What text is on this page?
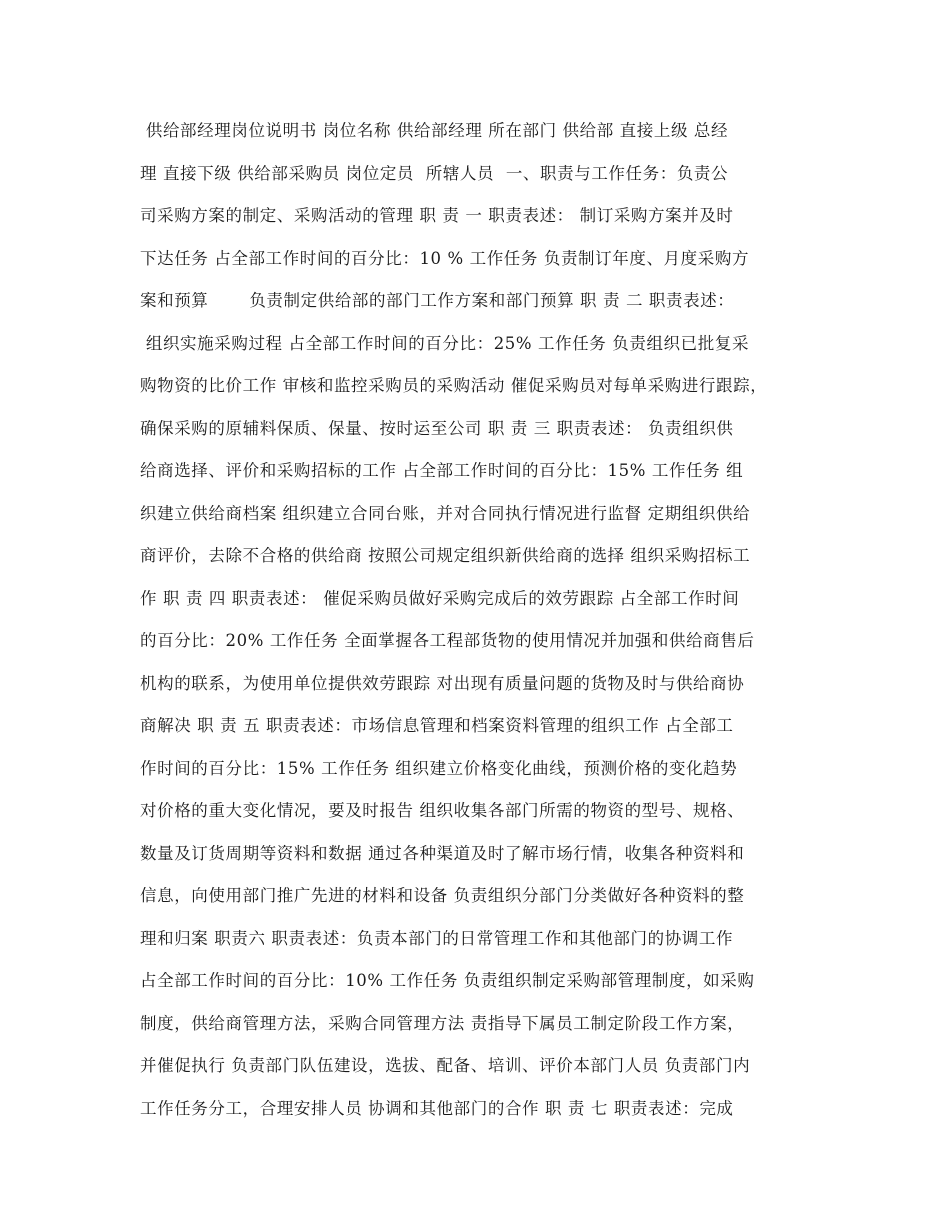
供给部经理岗位说明书 岗位名称 供给部经理 所在部门 供给部 直接上级 总经
理 直接下级 供给部采购员 岗位定员  所辖人员  一、职责与工作任务：负责公
司采购方案的制定、采购活动的管理 职 责 一 职责表述： 制订采购方案并及时
下达任务 占全部工作时间的百分比：10 % 工作任务 负责制订年度、月度采购方
案和预算       负责制定供给部的部门工作方案和部门预算 职 责 二 职责表述：
组织实施采购过程 占全部工作时间的百分比：25% 工作任务 负责组织已批复采
购物资的比价工作 审核和监控采购员的采购活动 催促采购员对每单采购进行跟踪，
确保采购的原辅料保质、保量、按时运至公司 职 责 三 职责表述： 负责组织供
给商选择、评价和采购招标的工作 占全部工作时间的百分比：15% 工作任务 组
织建立供给商档案 组织建立合同台账，并对合同执行情况进行监督 定期组织供给
商评价，去除不合格的供给商 按照公司规定组织新供给商的选择 组织采购招标工
作 职 责 四 职责表述： 催促采购员做好采购完成后的效劳跟踪 占全部工作时间
的百分比：20% 工作任务 全面掌握各工程部货物的使用情况并加强和供给商售后
机构的联系，为使用单位提供效劳跟踪 对出现有质量问题的货物及时与供给商协
商解决 职 责 五 职责表述：市场信息管理和档案资料管理的组织工作 占全部工
作时间的百分比：15% 工作任务 组织建立价格变化曲线，预测价格的变化趋势
对价格的重大变化情况，要及时报告 组织收集各部门所需的物资的型号、规格、
数量及订货周期等资料和数据 通过各种渠道及时了解市场行情，收集各种资料和
信息，向使用部门推广先进的材料和设备 负责组织分部门分类做好各种资料的整
理和归案 职责六 职责表述：负责本部门的日常管理工作和其他部门的协调工作
占全部工作时间的百分比：10% 工作任务 负责组织制定采购部管理制度，如采购
制度，供给商管理方法，采购合同管理方法 责指导下属员工制定阶段工作方案，
并催促执行 负责部门队伍建设，选拔、配备、培训、评价本部门人员 负责部门内
工作任务分工，合理安排人员 协调和其他部门的合作 职 责 七 职责表述：完成
